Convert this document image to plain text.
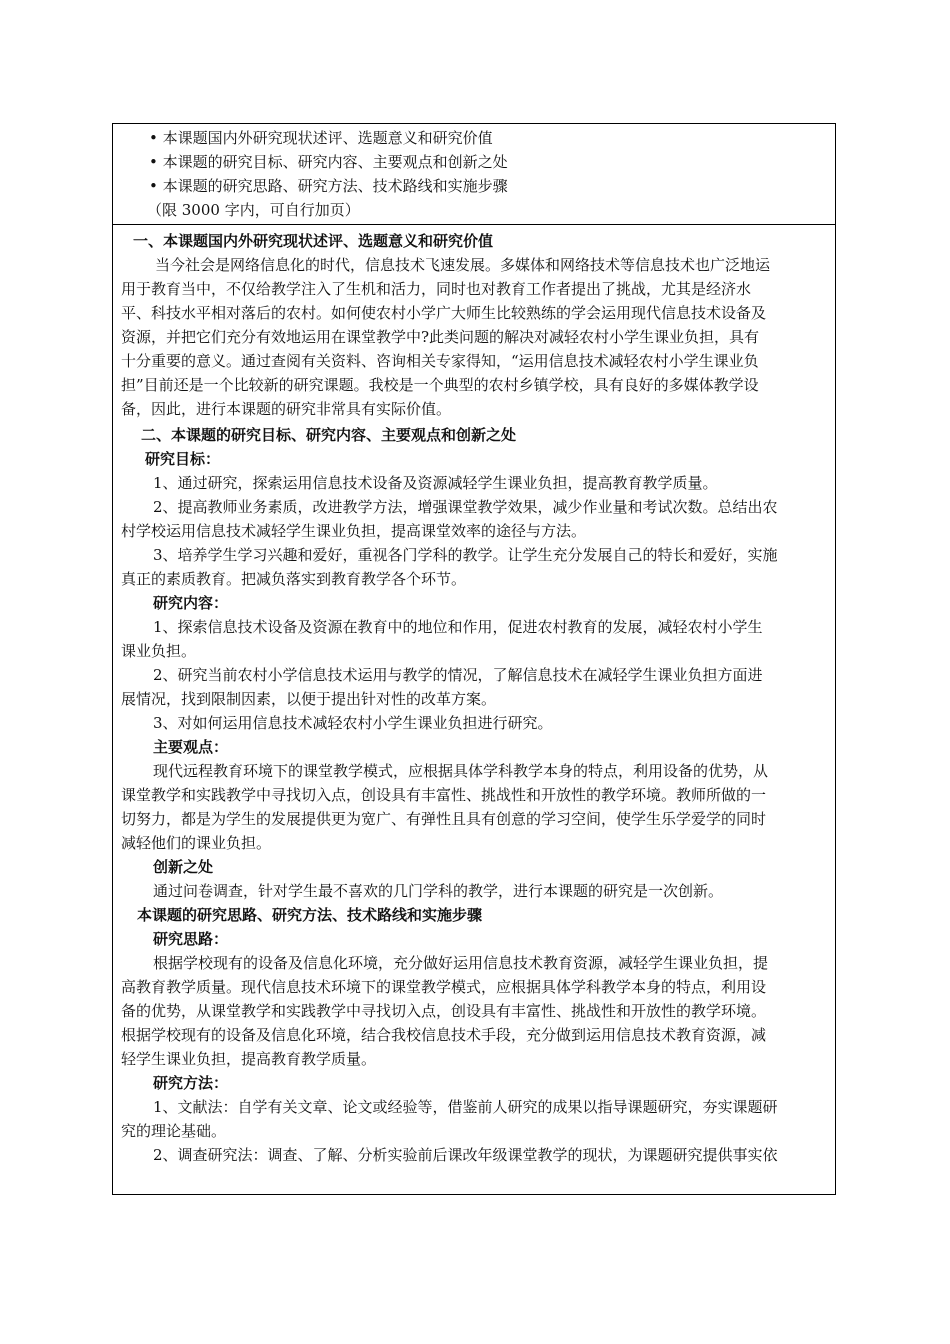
• 本课题国内外研究现状述评、选题意义和研究价值
• 本课题的研究目标、研究内容、主要观点和创新之处
• 本课题的研究思路、研究方法、技术路线和实施步骤
（限 3000 字内，可自行加页）
一、本课题国内外研究现状述评、选题意义和研究价值
当今社会是网络信息化的时代，信息技术飞速发展。多媒体和网络技术等信息技术也广泛地运
用于教育当中，不仅给教学注入了生机和活力，同时也对教育工作者提出了挑战，尤其是经济水
平、科技水平相对落后的农村。如何使农村小学广大师生比较熟练的学会运用现代信息技术设备及
资源，并把它们充分有效地运用在课堂教学中?此类问题的解决对减轻农村小学生课业负担，具有
十分重要的意义。通过查阅有关资料、咨询相关专家得知，“运用信息技术减轻农村小学生课业负
担”目前还是一个比较新的研究课题。我校是一个典型的农村乡镇学校，具有良好的多媒体教学设
备，因此，进行本课题的研究非常具有实际价值。
二、本课题的研究目标、研究内容、主要观点和创新之处
研究目标：
1、通过研究，探索运用信息技术设备及资源减轻学生课业负担，提高教育教学质量。
2、提高教师业务素质，改进教学方法，增强课堂教学效果，减少作业量和考试次数。总结出农
村学校运用信息技术减轻学生课业负担，提高课堂效率的途径与方法。
3、培养学生学习兴趣和爱好，重视各门学科的教学。让学生充分发展自己的特长和爱好，实施
真正的素质教育。把减负落实到教育教学各个环节。
研究内容：
1、探索信息技术设备及资源在教育中的地位和作用，促进农村教育的发展，减轻农村小学生
课业负担。
2、研究当前农村小学信息技术运用与教学的情况，了解信息技术在减轻学生课业负担方面进
展情况，找到限制因素，以便于提出针对性的改革方案。
3、对如何运用信息技术减轻农村小学生课业负担进行研究。
主要观点：
现代远程教育环境下的课堂教学模式，应根据具体学科教学本身的特点，利用设备的优势，从
课堂教学和实践教学中寻找切入点，创设具有丰富性、挑战性和开放性的教学环境。教师所做的一
切努力，都是为学生的发展提供更为宽广、有弹性且具有创意的学习空间，使学生乐学爱学的同时
减轻他们的课业负担。
创新之处
通过问卷调查，针对学生最不喜欢的几门学科的教学，进行本课题的研究是一次创新。
本课题的研究思路、研究方法、技术路线和实施步骤
研究思路：
根据学校现有的设备及信息化环境，充分做好运用信息技术教育资源，减轻学生课业负担，提
高教育教学质量。现代信息技术环境下的课堂教学模式，应根据具体学科教学本身的特点，利用设
备的优势，从课堂教学和实践教学中寻找切入点，创设具有丰富性、挑战性和开放性的教学环境。
根据学校现有的设备及信息化环境，结合我校信息技术手段，充分做到运用信息技术教育资源，减
轻学生课业负担，提高教育教学质量。
研究方法：
1、文献法：自学有关文章、论文或经验等，借鉴前人研究的成果以指导课题研究，夯实课题研
究的理论基础。
2、调查研究法：调查、了解、分析实验前后课改年级课堂教学的现状，为课题研究提供事实依
